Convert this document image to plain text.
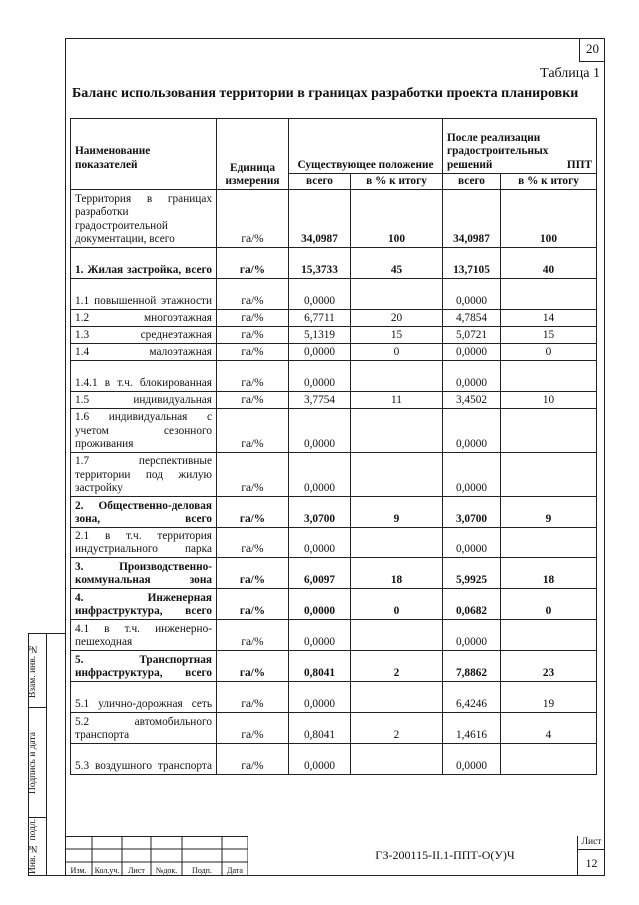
20
Таблица 1
Баланс использования территории в границах разработки проекта планировки
Наименование показателей	Единица измерения	Существующее положение		После реализации градостроительных решений ППТ	
		всего	в % к итогу	всего	в % к итогу
Территория в границах разработки градостроительной документации, всего	га/%	34,0987	100	34,0987	100
1. Жилая застройка, всего	га/%	15,3733	45	13,7105	40
1.1 повышенной этажности	га/%	0,0000		0,0000	
1.2 многоэтажная	га/%	6,7711	20	4,7854	14
1.3 среднеэтажная	га/%	5,1319	15	5,0721	15
1.4 малоэтажная	га/%	0,0000	0	0,0000	0
1.4.1 в т.ч. блокированная	га/%	0,0000		0,0000	
1.5 индивидуальная	га/%	3,7754	11	3,4502	10
1.6 индивидуальная с учетом сезонного проживания	га/%	0,0000		0,0000	
1.7 перспективные территории под жилую застройку	га/%	0,0000		0,0000	
2. Общественно-деловая зона, всего	га/%	3,0700	9	3,0700	9
2.1 в т.ч. территория индустриального парка	га/%	0,0000		0,0000	
3. Производственно-коммунальная зона	га/%	6,0097	18	5,9925	18
4. Инженерная инфраструктура, всего	га/%	0,0000	0	0,0682	0
4.1 в т.ч. инженерно-пешеходная	га/%	0,0000		0,0000	
5. Транспортная инфраструктура, всего	га/%	0,8041	2	7,8862	23
5.1 улично-дорожная сеть	га/%	0,0000		6,4246	19
5.2 автомобильного транспорта	га/%	0,8041	2	1,4616	4
5.3 воздушного транспорта	га/%	0,0000		0,0000	
Взам. инв. №
Подпись и дата
Инв. № подл.	Изм.	Кол.уч.	Лист	№док.	Подп.	Дата
ГЗ-200115-II.1-ППТ-О(У)Ч
Лист
12
